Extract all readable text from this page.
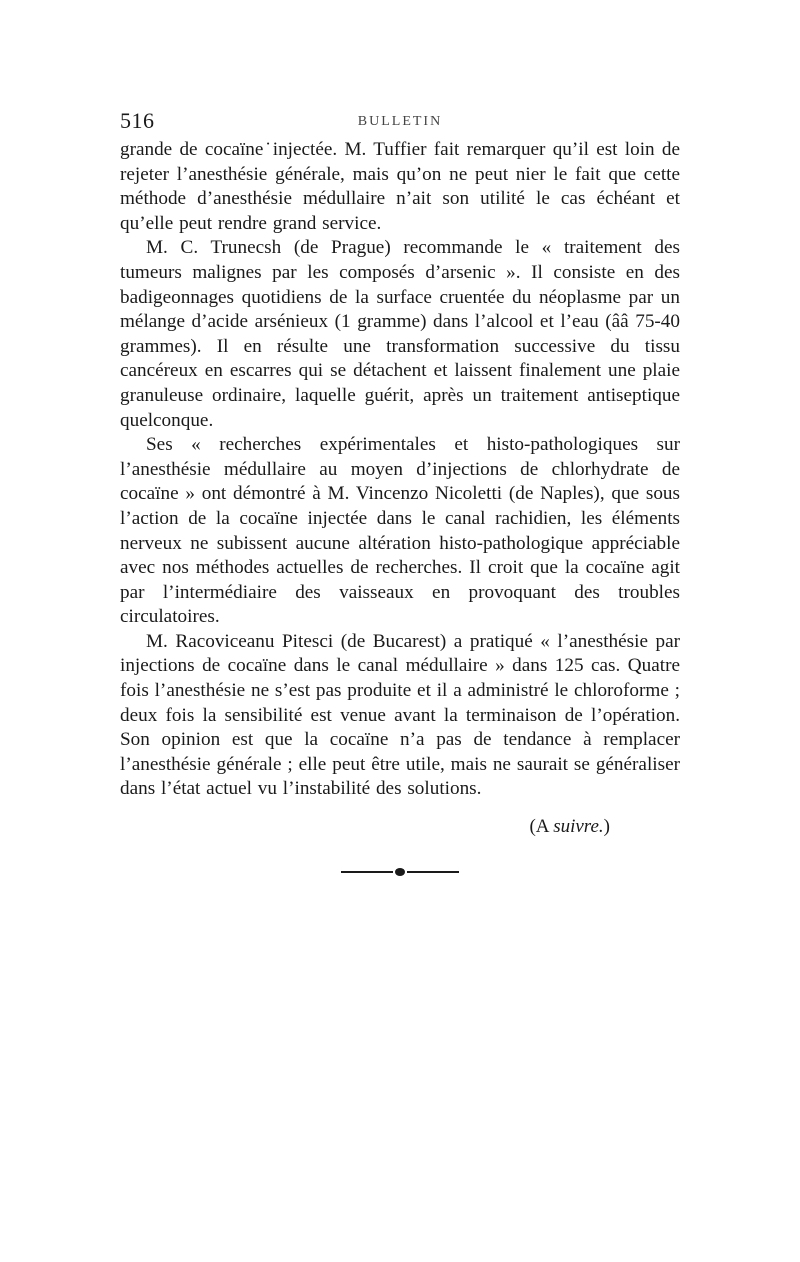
516	BULLETIN

grande de cocaïne˙injectée. M. Tuffier fait remarquer qu’il est loin de rejeter l’anesthésie générale, mais qu’on ne peut nier le fait que cette méthode d’anesthésie médullaire n’ait son utilité le cas échéant et qu’elle peut rendre grand service.

M. C. Trunecsh (de Prague) recommande le « traitement des tumeurs malignes par les composés d’arsenic ». Il consiste en des badigeonnages quotidiens de la surface cruentée du néoplasme par un mélange d’acide arsénieux (1 gramme) dans l’alcool et l’eau (ââ 75-40 grammes). Il en résulte une transformation successive du tissu cancéreux en escarres qui se détachent et laissent finalement une plaie granuleuse ordinaire, laquelle guérit, après un traitement antiseptique quelconque.

Ses « recherches expérimentales et histo-pathologiques sur l’anesthésie médullaire au moyen d’injections de chlorhydrate de cocaïne » ont démontré à M. Vincenzo Nicoletti (de Naples), que sous l’action de la cocaïne injectée dans le canal rachidien, les éléments nerveux ne subissent aucune altération histo-pathologique appréciable avec nos méthodes actuelles de recherches. Il croit que la cocaïne agit par l’intermédiaire des vaisseaux en provoquant des troubles circulatoires.

M. Racoviceanu Pitesci (de Bucarest) a pratiqué « l’anesthésie par injections de cocaïne dans le canal médullaire » dans 125 cas. Quatre fois l’anesthésie ne s’est pas produite et il a administré le chloroforme ; deux fois la sensibilité est venue avant la terminaison de l’opération. Son opinion est que la cocaïne n’a pas de tendance à remplacer l’anesthésie générale ; elle peut être utile, mais ne saurait se généraliser dans l’état actuel vu l’instabilité des solutions.

(A suivre.)
